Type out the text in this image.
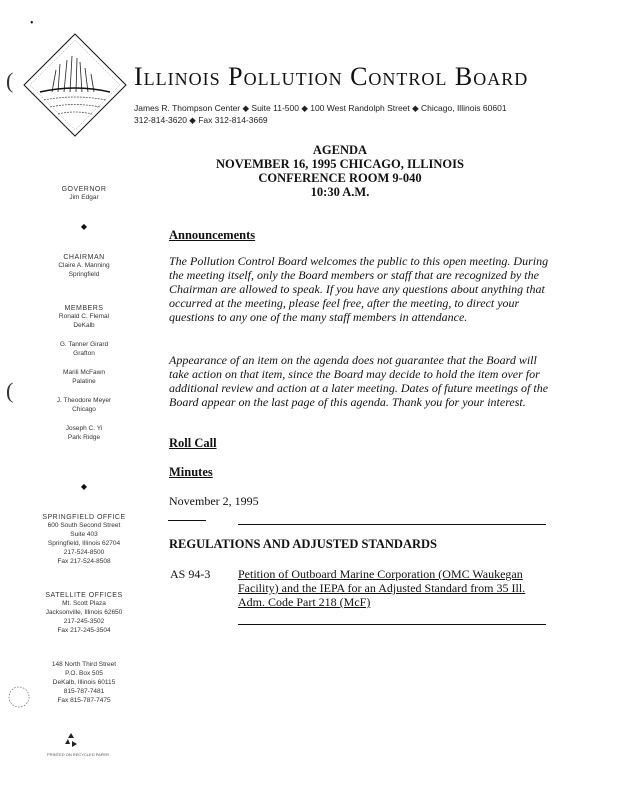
•
(	Illinois Pollution Control Board
James R. Thompson Center ◆ Suite 11-500 ◆ 100 West Randolph Street ◆ Chicago, Illinois 60601
312-814-3620 ◆ Fax 312-814-3669
GOVERNOR
Jim Edgar
◆
CHAIRMAN
Claire A. Manning
Springfield
MEMBERS
Ronald C. Flemal
DeKalb
G. Tanner Girard
Grafton
Marili McFawn
Palatine
J. Theodore Meyer
Chicago
Joseph C. Yi
Park Ridge
(
◆
SPRINGFIELD OFFICE
600 South Second Street
Suite 403
Springfield, Illinois 62704
217-524-8500
Fax 217-524-8508
SATELLITE OFFICES
Mt. Scott Plaza
Jacksonville, Illinois 62650
217-245-3502
Fax 217-245-3504
148 North Third Street
P.O. Box 505
DeKalb, Illinois 60115
815-787-7481
Fax 815-787-7475
PRINTED ON RECYCLED PAPER
AGENDA
NOVEMBER 16, 1995 CHICAGO, ILLINOIS
CONFERENCE ROOM 9-040
10:30 A.M.
Announcements
The Pollution Control Board welcomes the public to this open meeting. During the meeting itself, only the Board members or staff that are recognized by the Chairman are allowed to speak. If you have any questions about anything that occurred at the meeting, please feel free, after the meeting, to direct your questions to any one of the many staff members in attendance.
Appearance of an item on the agenda does not guarantee that the Board will take action on that item, since the Board may decide to hold the item over for additional review and action at a later meeting. Dates of future meetings of the Board appear on the last page of this agenda. Thank you for your interest.
Roll Call
Minutes
November 2, 1995
REGULATIONS AND ADJUSTED STANDARDS
AS 94-3 Petition of Outboard Marine Corporation (OMC Waukegan Facility) and the IEPA for an Adjusted Standard from 35 Ill. Adm. Code Part 218 (McF)
